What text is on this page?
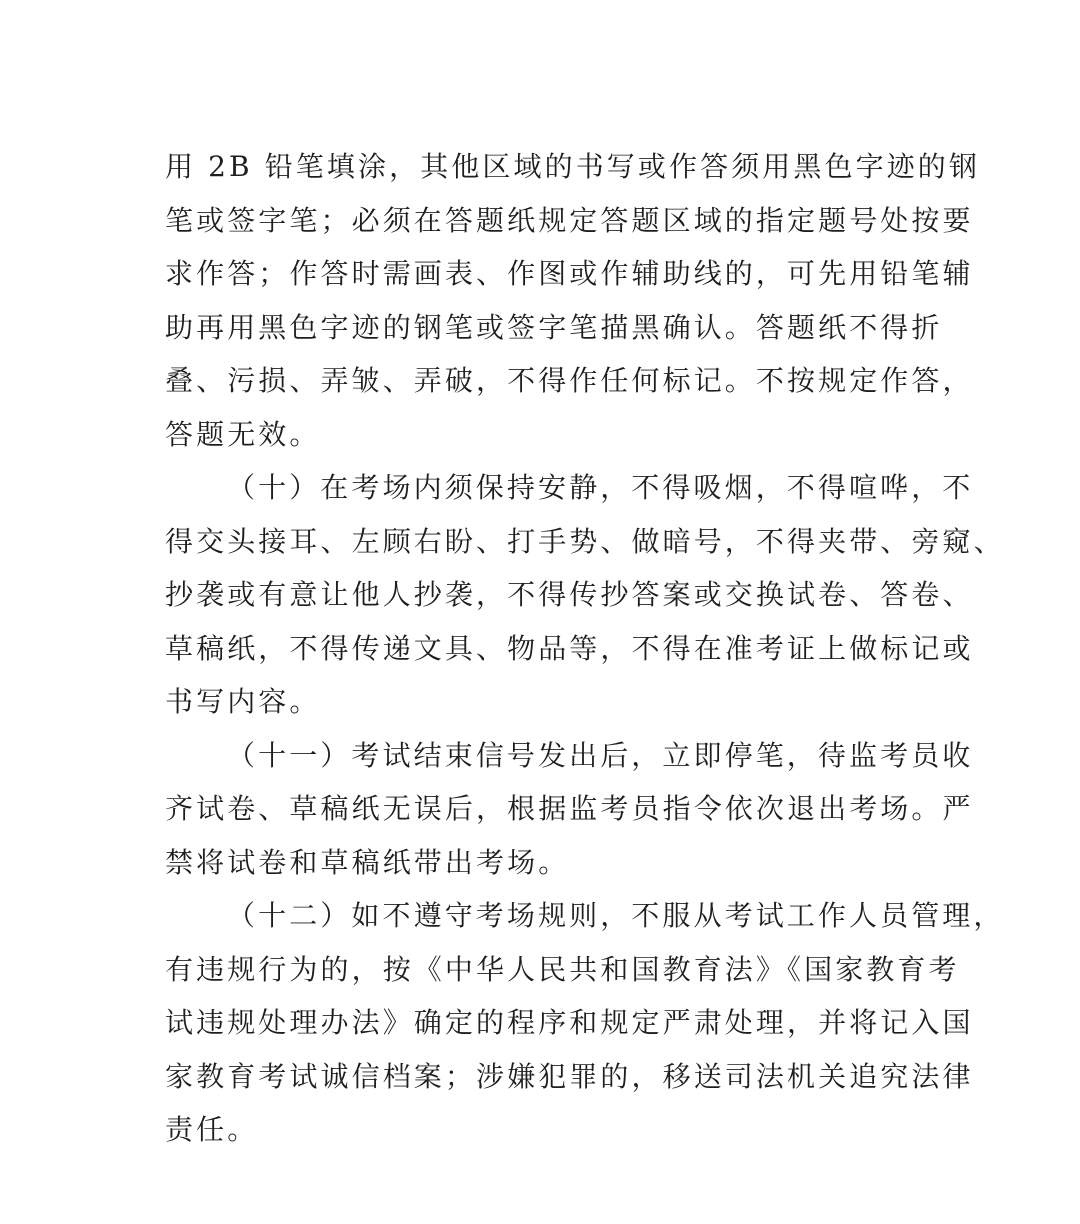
用 2B 铅笔填涂，其他区域的书写或作答须用黑色字迹的钢
笔或签字笔；必须在答题纸规定答题区域的指定题号处按要
求作答；作答时需画表、作图或作辅助线的，可先用铅笔辅
助再用黑色字迹的钢笔或签字笔描黑确认。答题纸不得折
叠、污损、弄皱、弄破，不得作任何标记。不按规定作答，
答题无效。
（十）在考场内须保持安静，不得吸烟，不得喧哗，不
得交头接耳、左顾右盼、打手势、做暗号，不得夹带、旁窥、
抄袭或有意让他人抄袭，不得传抄答案或交换试卷、答卷、
草稿纸，不得传递文具、物品等，不得在准考证上做标记或
书写内容。
（十一）考试结束信号发出后，立即停笔，待监考员收
齐试卷、草稿纸无误后，根据监考员指令依次退出考场。严
禁将试卷和草稿纸带出考场。
（十二）如不遵守考场规则，不服从考试工作人员管理，
有违规行为的，按《中华人民共和国教育法》《国家教育考
试违规处理办法》确定的程序和规定严肃处理，并将记入国
家教育考试诚信档案；涉嫌犯罪的，移送司法机关追究法律
责任。
